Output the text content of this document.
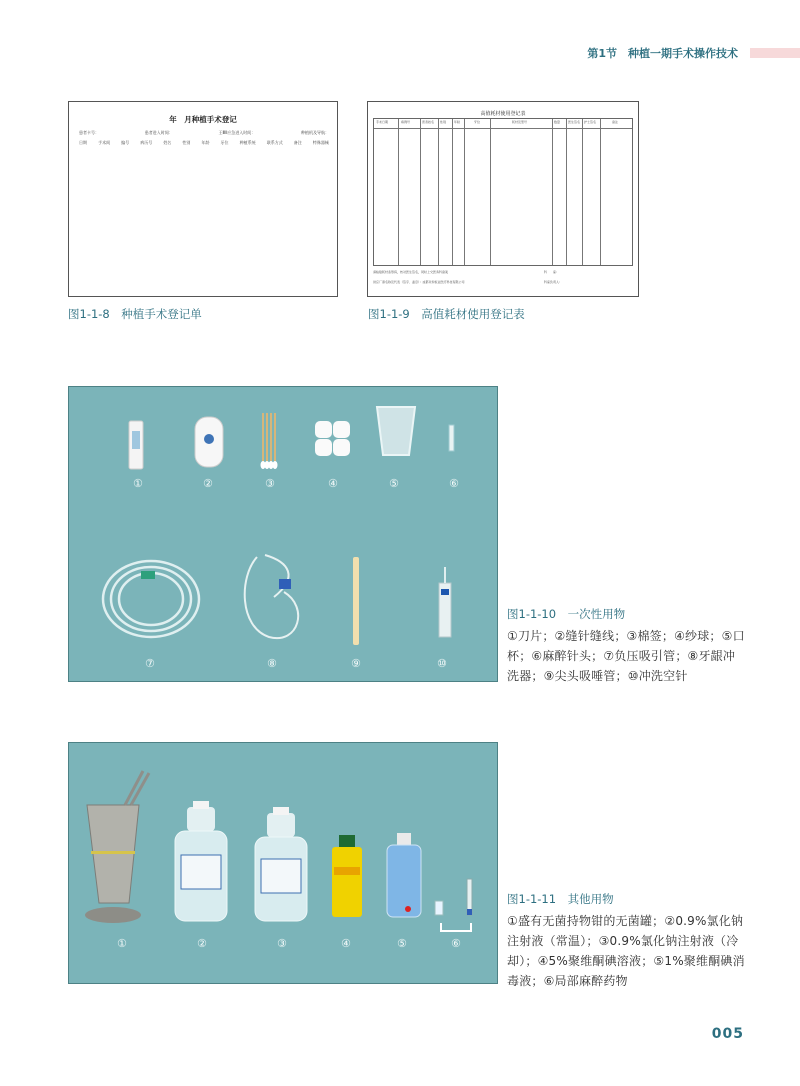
第1节　种植一期手术操作技术
年　月种植手术登记
患者卡号：	患者进入时间：	王ⅢⅡ应急进入时间：	种植机及导航：
日期	手术间	编号	病历号	姓名	性别	年龄	牙位	种植系统	联系方式	备注	特殊器械
图1-1-8　种植手术登记单
高值耗材使用登记表
手术日期	病例号	患者姓名 性别	年龄	牙位	耗材及型号	数量	医生签名 护士签名	备注
请粘贴耗材条形码，核对医生签名，同时上交医务科备案
供应厂商名称及代表（签字、盖章）：成都众和恒业医疗科技有限公司
科　　室：
科室负责人：
图1-1-9　高值耗材使用登记表
①	②	③	④	⑤	⑥
⑦	⑧	⑨	⑩
图1-1-10　一次性用物
①刀片；②缝针缝线；③棉签；④纱球；⑤口杯；⑥麻醉针头；⑦负压吸引管；⑧牙龈冲洗器；⑨尖头吸唾管；⑩冲洗空针
①	②	③	④	⑤	⑥
图1-1-11　其他用物
①盛有无菌持物钳的无菌罐；②0.9%氯化钠注射液（常温）；③0.9%氯化钠注射液（冷却）；④5%聚维酮碘溶液；⑤1%聚维酮碘消毒液；⑥局部麻醉药物
005
